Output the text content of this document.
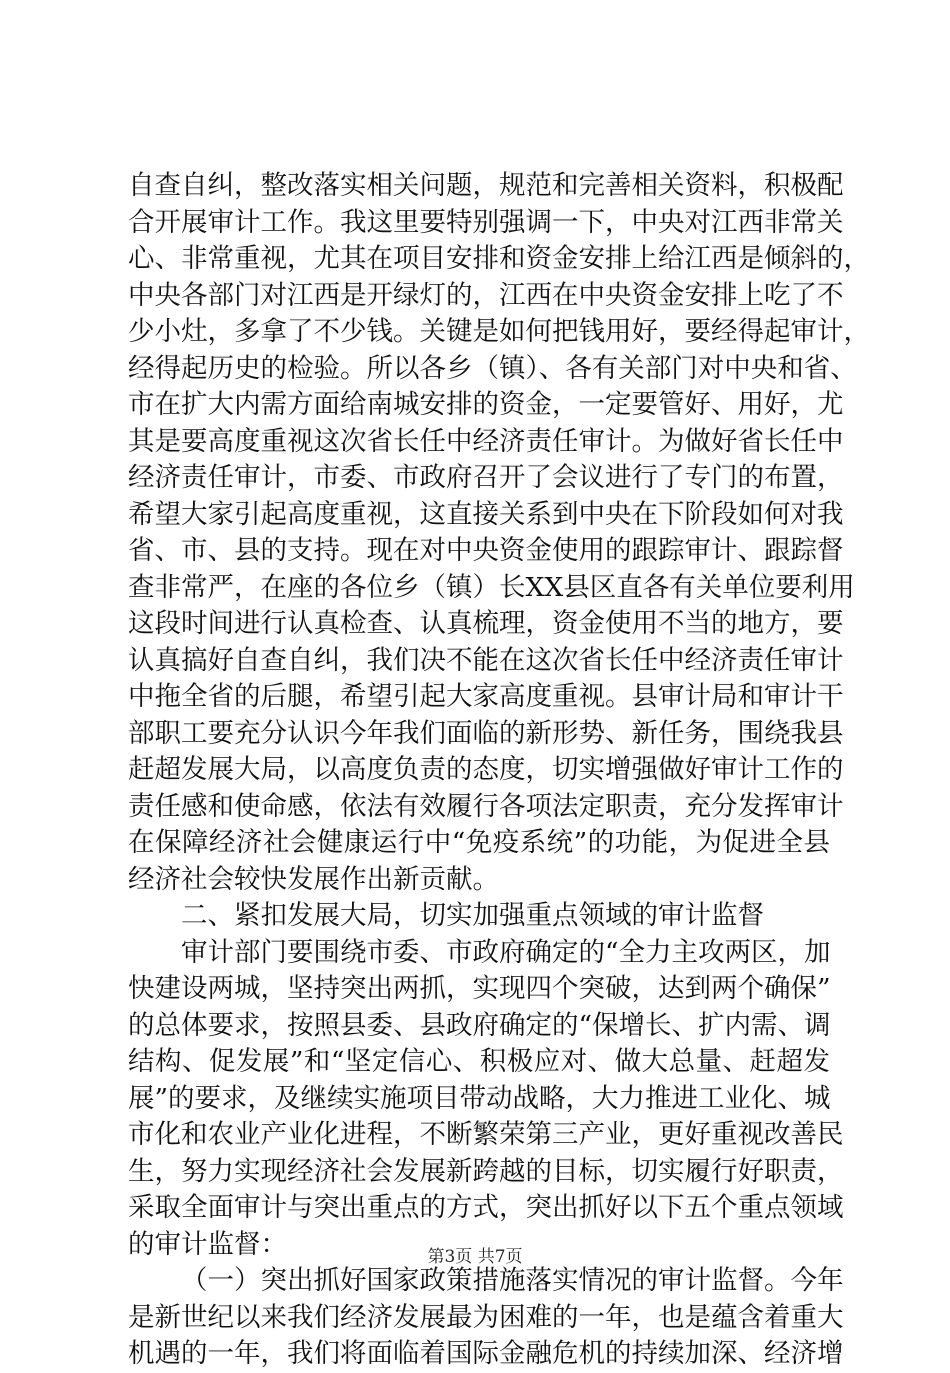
自查自纠，整改落实相关问题，规范和完善相关资料，积极配
合开展审计工作。我这里要特别强调一下，中央对江西非常关
心、非常重视，尤其在项目安排和资金安排上给江西是倾斜的，
中央各部门对江西是开绿灯的，江西在中央资金安排上吃了不
少小灶，多拿了不少钱。关键是如何把钱用好，要经得起审计，
经得起历史的检验。所以各乡（镇）、各有关部门对中央和省、
市在扩大内需方面给南城安排的资金，一定要管好、用好，尤
其是要高度重视这次省长任中经济责任审计。为做好省长任中
经济责任审计，市委、市政府召开了会议进行了专门的布置，
希望大家引起高度重视，这直接关系到中央在下阶段如何对我
省、市、县的支持。现在对中央资金使用的跟踪审计、跟踪督
查非常严，在座的各位乡（镇）长XX县区直各有关单位要利用
这段时间进行认真检查、认真梳理，资金使用不当的地方，要
认真搞好自查自纠，我们决不能在这次省长任中经济责任审计
中拖全省的后腿，希望引起大家高度重视。县审计局和审计干
部职工要充分认识今年我们面临的新形势、新任务，围绕我县
赶超发展大局，以高度负责的态度，切实增强做好审计工作的
责任感和使命感，依法有效履行各项法定职责，充分发挥审计
在保障经济社会健康运行中“免疫系统”的功能，为促进全县
经济社会较快发展作出新贡献。
二、紧扣发展大局，切实加强重点领域的审计监督
审计部门要围绕市委、市政府确定的“全力主攻两区，加
快建设两城，坚持突出两抓，实现四个突破，达到两个确保”
的总体要求，按照县委、县政府确定的“保增长、扩内需、调
结构、促发展”和“坚定信心、积极应对、做大总量、赶超发
展”的要求，及继续实施项目带动战略，大力推进工业化、城
市化和农业产业化进程，不断繁荣第三产业，更好重视改善民
生，努力实现经济社会发展新跨越的目标，切实履行好职责，
采取全面审计与突出重点的方式，突出抓好以下五个重点领域
的审计监督：
（一）突出抓好国家政策措施落实情况的审计监督。今年
是新世纪以来我们经济发展最为困难的一年，也是蕴含着重大
机遇的一年，我们将面临着国际金融危机的持续加深、经济增
第3页 共7页
